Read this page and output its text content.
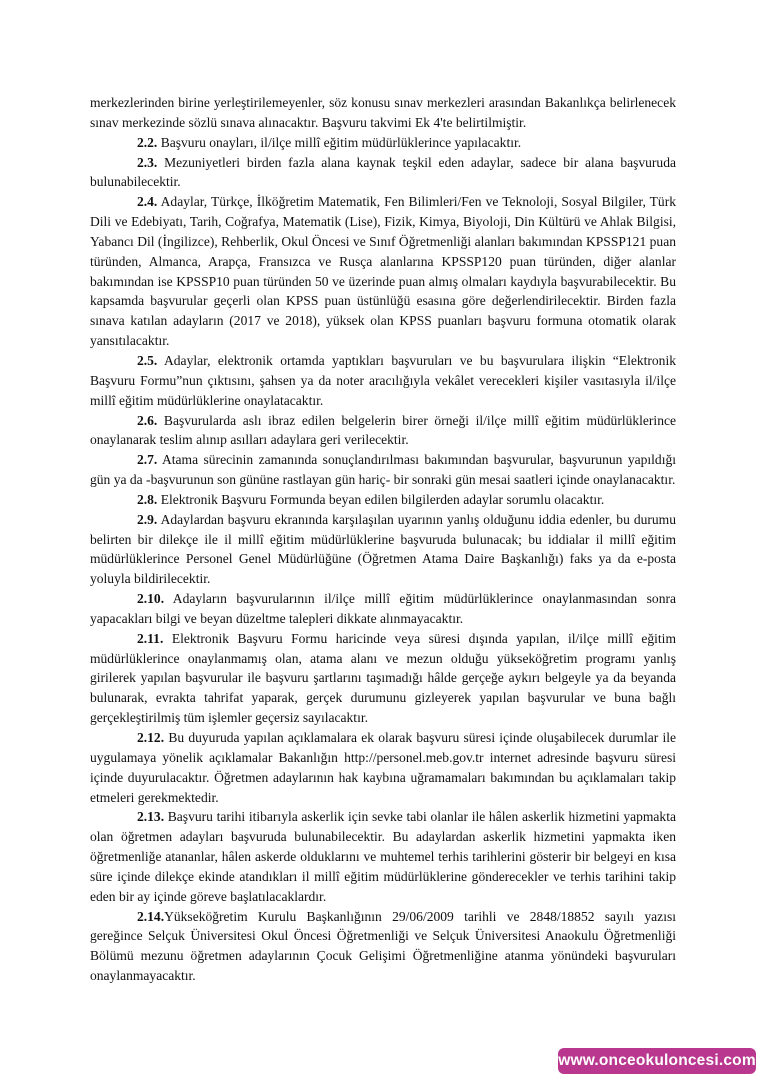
merkezlerinden birine yerleştirilemeyenler, söz konusu sınav merkezleri arasından Bakanlıkça belirlenecek sınav merkezinde sözlü sınava alınacaktır. Başvuru takvimi Ek 4'te belirtilmiştir.

2.2. Başvuru onayları, il/ilçe millî eğitim müdürlüklerince yapılacaktır.

2.3. Mezuniyetleri birden fazla alana kaynak teşkil eden adaylar, sadece bir alana başvuruda bulunabilecektir.

2.4. Adaylar, Türkçe, İlköğretim Matematik, Fen Bilimleri/Fen ve Teknoloji, Sosyal Bilgiler, Türk Dili ve Edebiyatı, Tarih, Coğrafya, Matematik (Lise), Fizik, Kimya, Biyoloji, Din Kültürü ve Ahlak Bilgisi, Yabancı Dil (İngilizce), Rehberlik, Okul Öncesi ve Sınıf Öğretmenliği alanları bakımından KPSSP121 puan türünden, Almanca, Arapça, Fransızca ve Rusça alanlarına KPSSP120 puan türünden, diğer alanlar bakımından ise KPSSP10 puan türünden 50 ve üzerinde puan almış olmaları kaydıyla başvurabilecektir. Bu kapsamda başvurular geçerli olan KPSS puan üstünlüğü esasına göre değerlendirilecektir. Birden fazla sınava katılan adayların (2017 ve 2018), yüksek olan KPSS puanları başvuru formuna otomatik olarak yansıtılacaktır.

2.5. Adaylar, elektronik ortamda yaptıkları başvuruları ve bu başvurulara ilişkin “Elektronik Başvuru Formu”nun çıktısını, şahsen ya da noter aracılığıyla vekâlet verecekleri kişiler vasıtasıyla il/ilçe millî eğitim müdürlüklerine onaylatacaktır.

2.6. Başvurularda aslı ibraz edilen belgelerin birer örneği il/ilçe millî eğitim müdürlüklerince onaylanarak teslim alınıp asılları adaylara geri verilecektir.

2.7. Atama sürecinin zamanında sonuçlandırılması bakımından başvurular, başvurunun yapıldığı gün ya da -başvurunun son gününe rastlayan gün hariç- bir sonraki gün mesai saatleri içinde onaylanacaktır.

2.8. Elektronik Başvuru Formunda beyan edilen bilgilerden adaylar sorumlu olacaktır.

2.9. Adaylardan başvuru ekranında karşılaşılan uyarının yanlış olduğunu iddia edenler, bu durumu belirten bir dilekçe ile il millî eğitim müdürlüklerine başvuruda bulunacak; bu iddialar il millî eğitim müdürlüklerince Personel Genel Müdürlüğüne (Öğretmen Atama Daire Başkanlığı) faks ya da e-posta yoluyla bildirilecektir.

2.10. Adayların başvurularının il/ilçe millî eğitim müdürlüklerince onaylanmasından sonra yapacakları bilgi ve beyan düzeltme talepleri dikkate alınmayacaktır.

2.11. Elektronik Başvuru Formu haricinde veya süresi dışında yapılan, il/ilçe millî eğitim müdürlüklerince onaylanmamış olan, atama alanı ve mezun olduğu yükseköğretim programı yanlış girilerek yapılan başvurular ile başvuru şartlarını taşımadığı hâlde gerçeğe aykırı belgeyle ya da beyanda bulunarak, evrakta tahrifat yaparak, gerçek durumunu gizleyerek yapılan başvurular ve buna bağlı gerçekleştirilmiş tüm işlemler geçersiz sayılacaktır.

2.12. Bu duyuruda yapılan açıklamalara ek olarak başvuru süresi içinde oluşabilecek durumlar ile uygulamaya yönelik açıklamalar Bakanlığın http://personel.meb.gov.tr internet adresinde başvuru süresi içinde duyurulacaktır. Öğretmen adaylarının hak kaybına uğramamaları bakımından bu açıklamaları takip etmeleri gerekmektedir.

2.13. Başvuru tarihi itibarıyla askerlik için sevke tabi olanlar ile hâlen askerlik hizmetini yapmakta olan öğretmen adayları başvuruda bulunabilecektir. Bu adaylardan askerlik hizmetini yapmakta iken öğretmenliğe atananlar, hâlen askerde olduklarını ve muhtemel terhis tarihlerini gösterir bir belgeyi en kısa süre içinde dilekçe ekinde atandıkları il millî eğitim müdürlüklerine gönderecekler ve terhis tarihini takip eden bir ay içinde göreve başlatılacaklardır.

2.14.Yükseköğretim Kurulu Başkanlığının 29/06/2009 tarihli ve 2848/18852 sayılı yazısı gereğince Selçuk Üniversitesi Okul Öncesi Öğretmenliği ve Selçuk Üniversitesi Anaokulu Öğretmenliği Bölümü mezunu öğretmen adaylarının Çocuk Gelişimi Öğretmenliğine atanma yönündeki başvuruları onaylanmayacaktır.

www.onceokuloncesi.com
